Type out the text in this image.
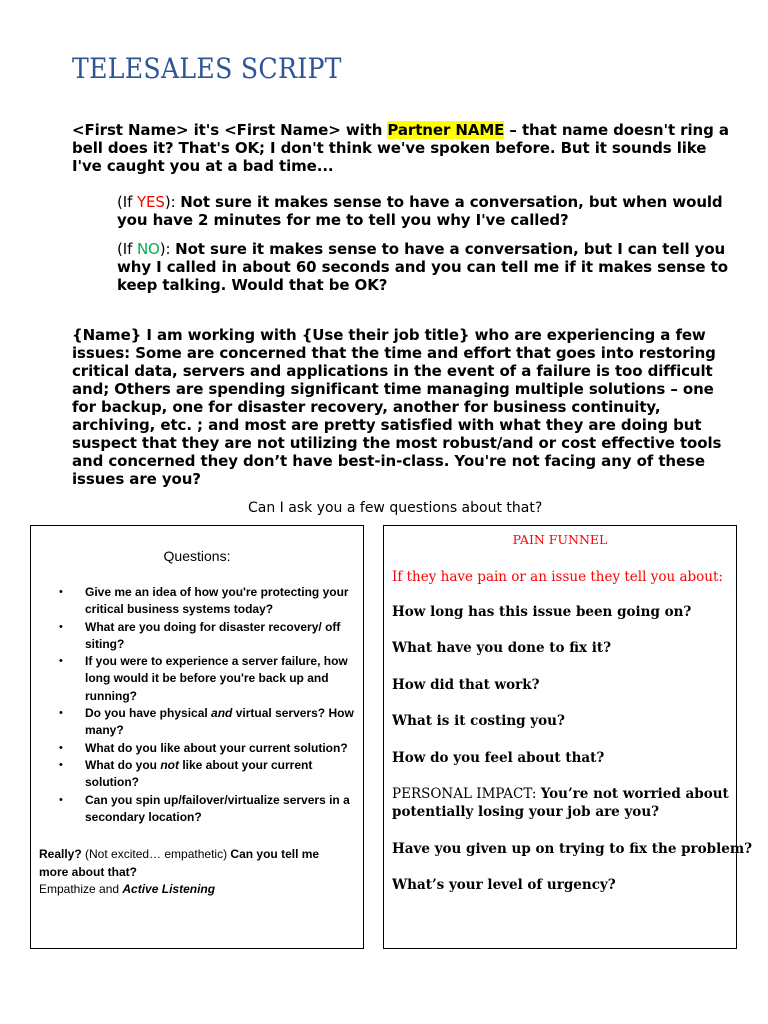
TELESALES SCRIPT
<First Name> it's <First Name> with Partner NAME – that name doesn't ring a
bell does it? That's OK; I don't think we've spoken before. But it sounds like
I've caught you at a bad time...
(If YES): Not sure it makes sense to have a conversation, but when would
you have 2 minutes for me to tell you why I've called?
(If NO): Not sure it makes sense to have a conversation, but I can tell you
why I called in about 60 seconds and you can tell me if it makes sense to
keep talking. Would that be OK?
{Name} I am working with {Use their job title} who are experiencing a few
issues: Some are concerned that the time and effort that goes into restoring
critical data, servers and applications in the event of a failure is too difficult
and; Others are spending significant time managing multiple solutions – one
for backup, one for disaster recovery, another for business continuity,
archiving, etc. ; and most are pretty satisfied with what they are doing but
suspect that they are not utilizing the most robust/and or cost effective tools
and concerned they don’t have best-in-class. You're not facing any of these
issues are you?
Can I ask you a few questions about that?
Questions:
• Give me an idea of how you're protecting your
critical business systems today?
• What are you doing for disaster recovery/ off
siting?
• If you were to experience a server failure, how
long would it be before you're back up and
running?
• Do you have physical and virtual servers? How
many?
• What do you like about your current solution?
• What do you not like about your current
solution?
• Can you spin up/failover/virtualize servers in a
secondary location?
Really? (Not excited… empathetic) Can you tell me
more about that?
Empathize and Active Listening
PAIN FUNNEL
If they have pain or an issue they tell you about:
How long has this issue been going on?
What have you done to fix it?
How did that work?
What is it costing you?
How do you feel about that?
PERSONAL IMPACT: You’re not worried about
potentially losing your job are you?
Have you given up on trying to fix the problem?
What’s your level of urgency?
